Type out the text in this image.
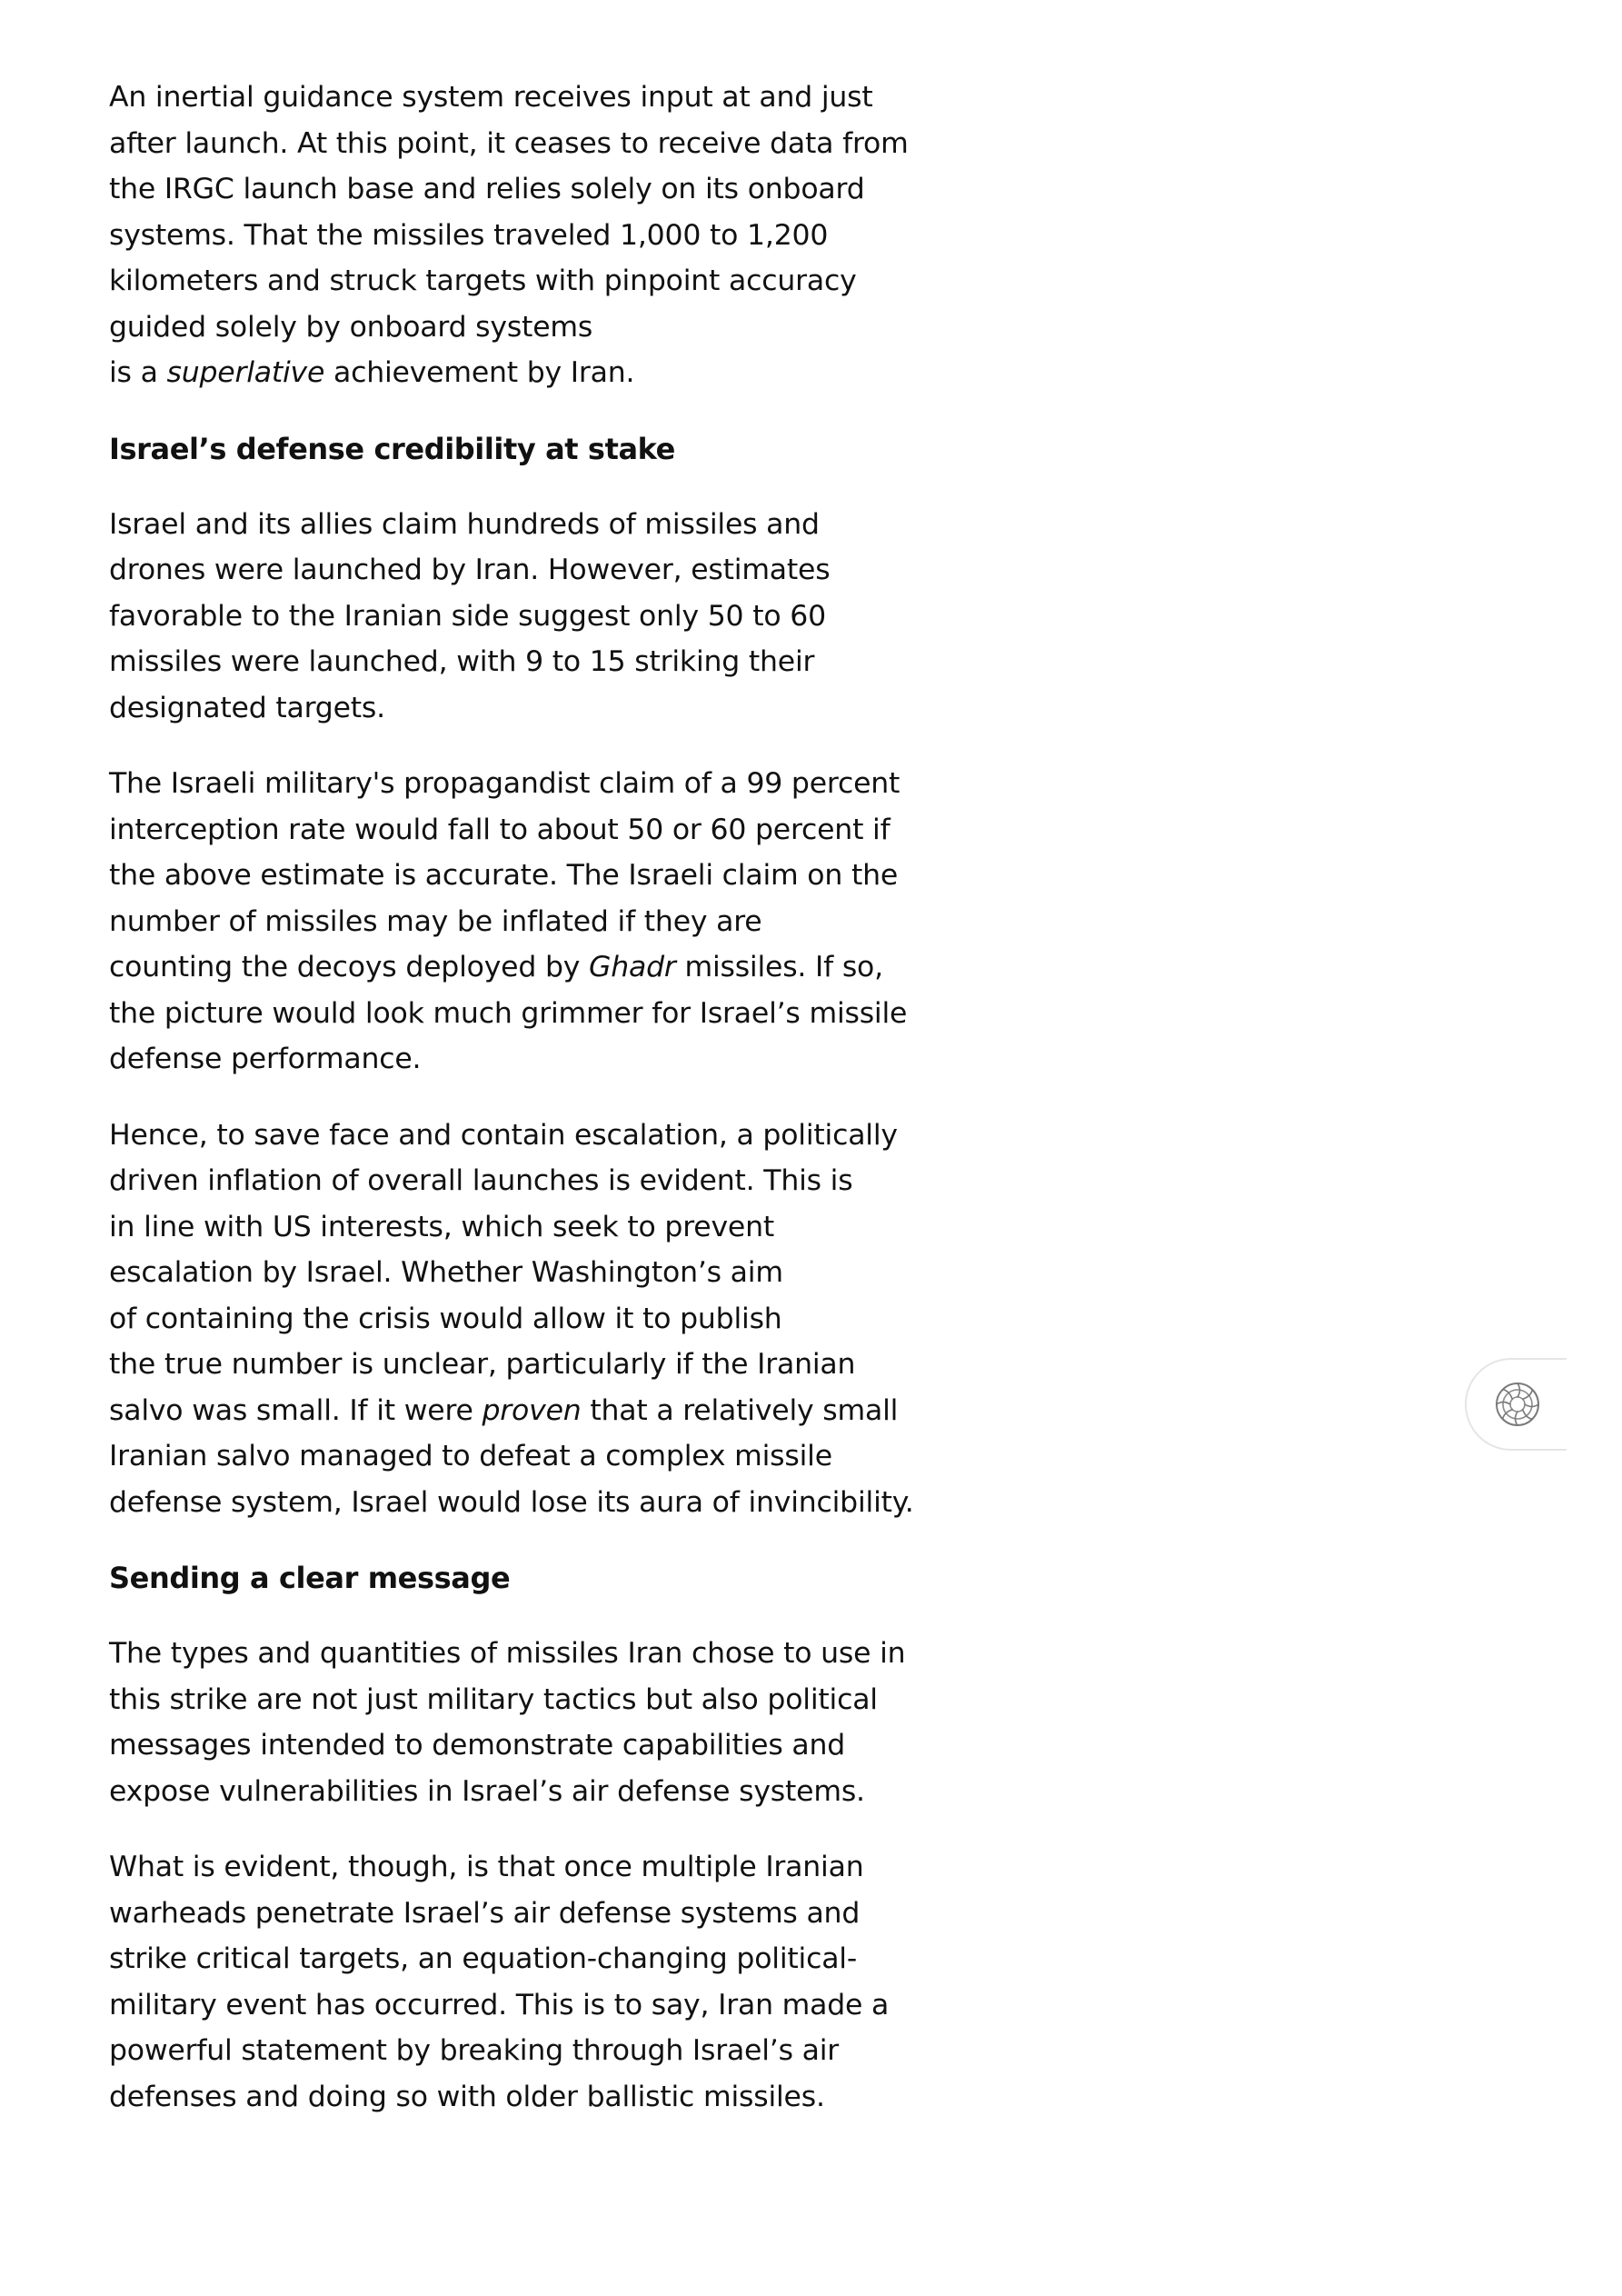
An inertial guidance system receives input at and just
after launch. At this point, it ceases to receive data from
the IRGC launch base and relies solely on its onboard
systems. That the missiles traveled 1,000 to 1,200
kilometers and struck targets with pinpoint accuracy
guided solely by onboard systems
is a superlative achievement by Iran.

Israel’s defense credibility at stake

Israel and its allies claim hundreds of missiles and
drones were launched by Iran. However, estimates
favorable to the Iranian side suggest only 50 to 60
missiles were launched, with 9 to 15 striking their
designated targets.

The Israeli military's propagandist claim of a 99 percent
interception rate would fall to about 50 or 60 percent if
the above estimate is accurate. The Israeli claim on the
number of missiles may be inflated if they are
counting the decoys deployed by Ghadr missiles. If so,
the picture would look much grimmer for Israel’s missile
defense performance.

Hence, to save face and contain escalation, a politically
driven inflation of overall launches is evident. This is
in line with US interests, which seek to prevent
escalation by Israel. Whether Washington’s aim
of containing the crisis would allow it to publish
the true number is unclear, particularly if the Iranian
salvo was small. If it were proven that a relatively small
Iranian salvo managed to defeat a complex missile
defense system, Israel would lose its aura of invincibility.

Sending a clear message

The types and quantities of missiles Iran chose to use in
this strike are not just military tactics but also political
messages intended to demonstrate capabilities and
expose vulnerabilities in Israel’s air defense systems.

What is evident, though, is that once multiple Iranian
warheads penetrate Israel’s air defense systems and
strike critical targets, an equation-changing political-
military event has occurred. This is to say, Iran made a
powerful statement by breaking through Israel’s air
defenses and doing so with older ballistic missiles.
